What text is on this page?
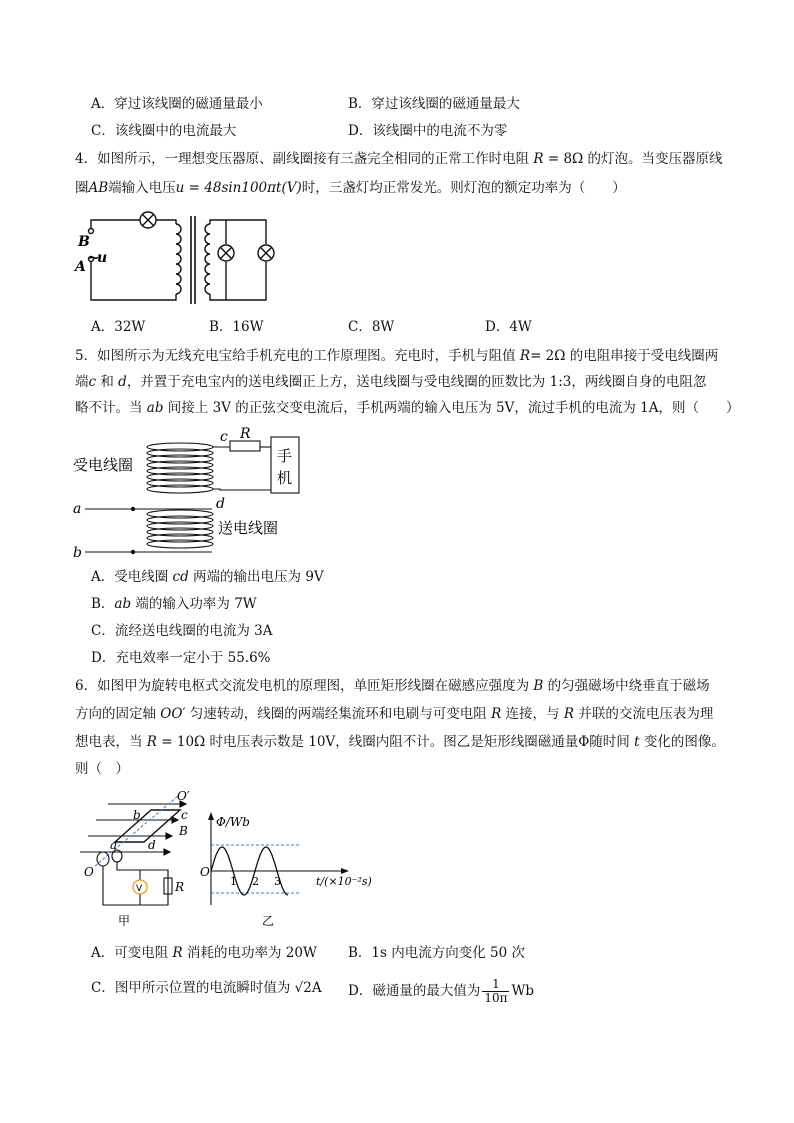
A．穿过该线圈的磁通量最小	B．穿过该线圈的磁通量最大
C．该线圈中的电流最大	D．该线圈中的电流不为零
4．如图所示，一理想变压器原、副线圈接有三盏完全相同的正常工作时电阻 R = 8Ω 的灯泡。当变压器原线
圈AB端输入电压u = 48sin100πt(V)时，三盏灯均正常发光。则灯泡的额定功率为（　　）
B
A
~
u
A．32W	B．16W	C．8W	D．4W
5．如图所示为无线充电宝给手机充电的工作原理图。充电时，手机与阻值 R= 2Ω 的电阻串接于受电线圈两
端c 和 d，并置于充电宝内的送电线圈正上方，送电线圈与受电线圈的匝数比为 1:3，两线圈自身的电阻忽
略不计。当 ab 间接上 3V 的正弦交变电流后，手机两端的输入电压为 5V，流过手机的电流为 1A，则（　　）
c R
手
机
受电线圈
d
送电线圈
a
b
A．受电线圈 cd 两端的输出电压为 9V
B．ab 端的输入功率为 7W
C．流经送电线圈的电流为 3A
D．充电效率一定小于 55.6%
6．如图甲为旋转电枢式交流发电机的原理图，单匝矩形线圈在磁感应强度为 B 的匀强磁场中绕垂直于磁场
方向的固定轴 OO′ 匀速转动，线圈的两端经集流环和电刷与可变电阻 R 连接，与 R 并联的交流电压表为理
想电表，当 R = 10Ω 时电压表示数是 10V，线圈内阻不计。图乙是矩形线圈磁通量Φ随时间 t 变化的图像。
则（　）
O′
b	c
a	d
B
O
V	R
甲
Φ/Wb
O
1 2 3	t/(×10⁻²s)
乙
A．可变电阻 R 消耗的电功率为 20W B．1s 内电流方向变化 50 次
C．图甲所示位置的电流瞬时值为 √2A D．磁通量的最大值为 $\frac{1}{10\pi}$ Wb
